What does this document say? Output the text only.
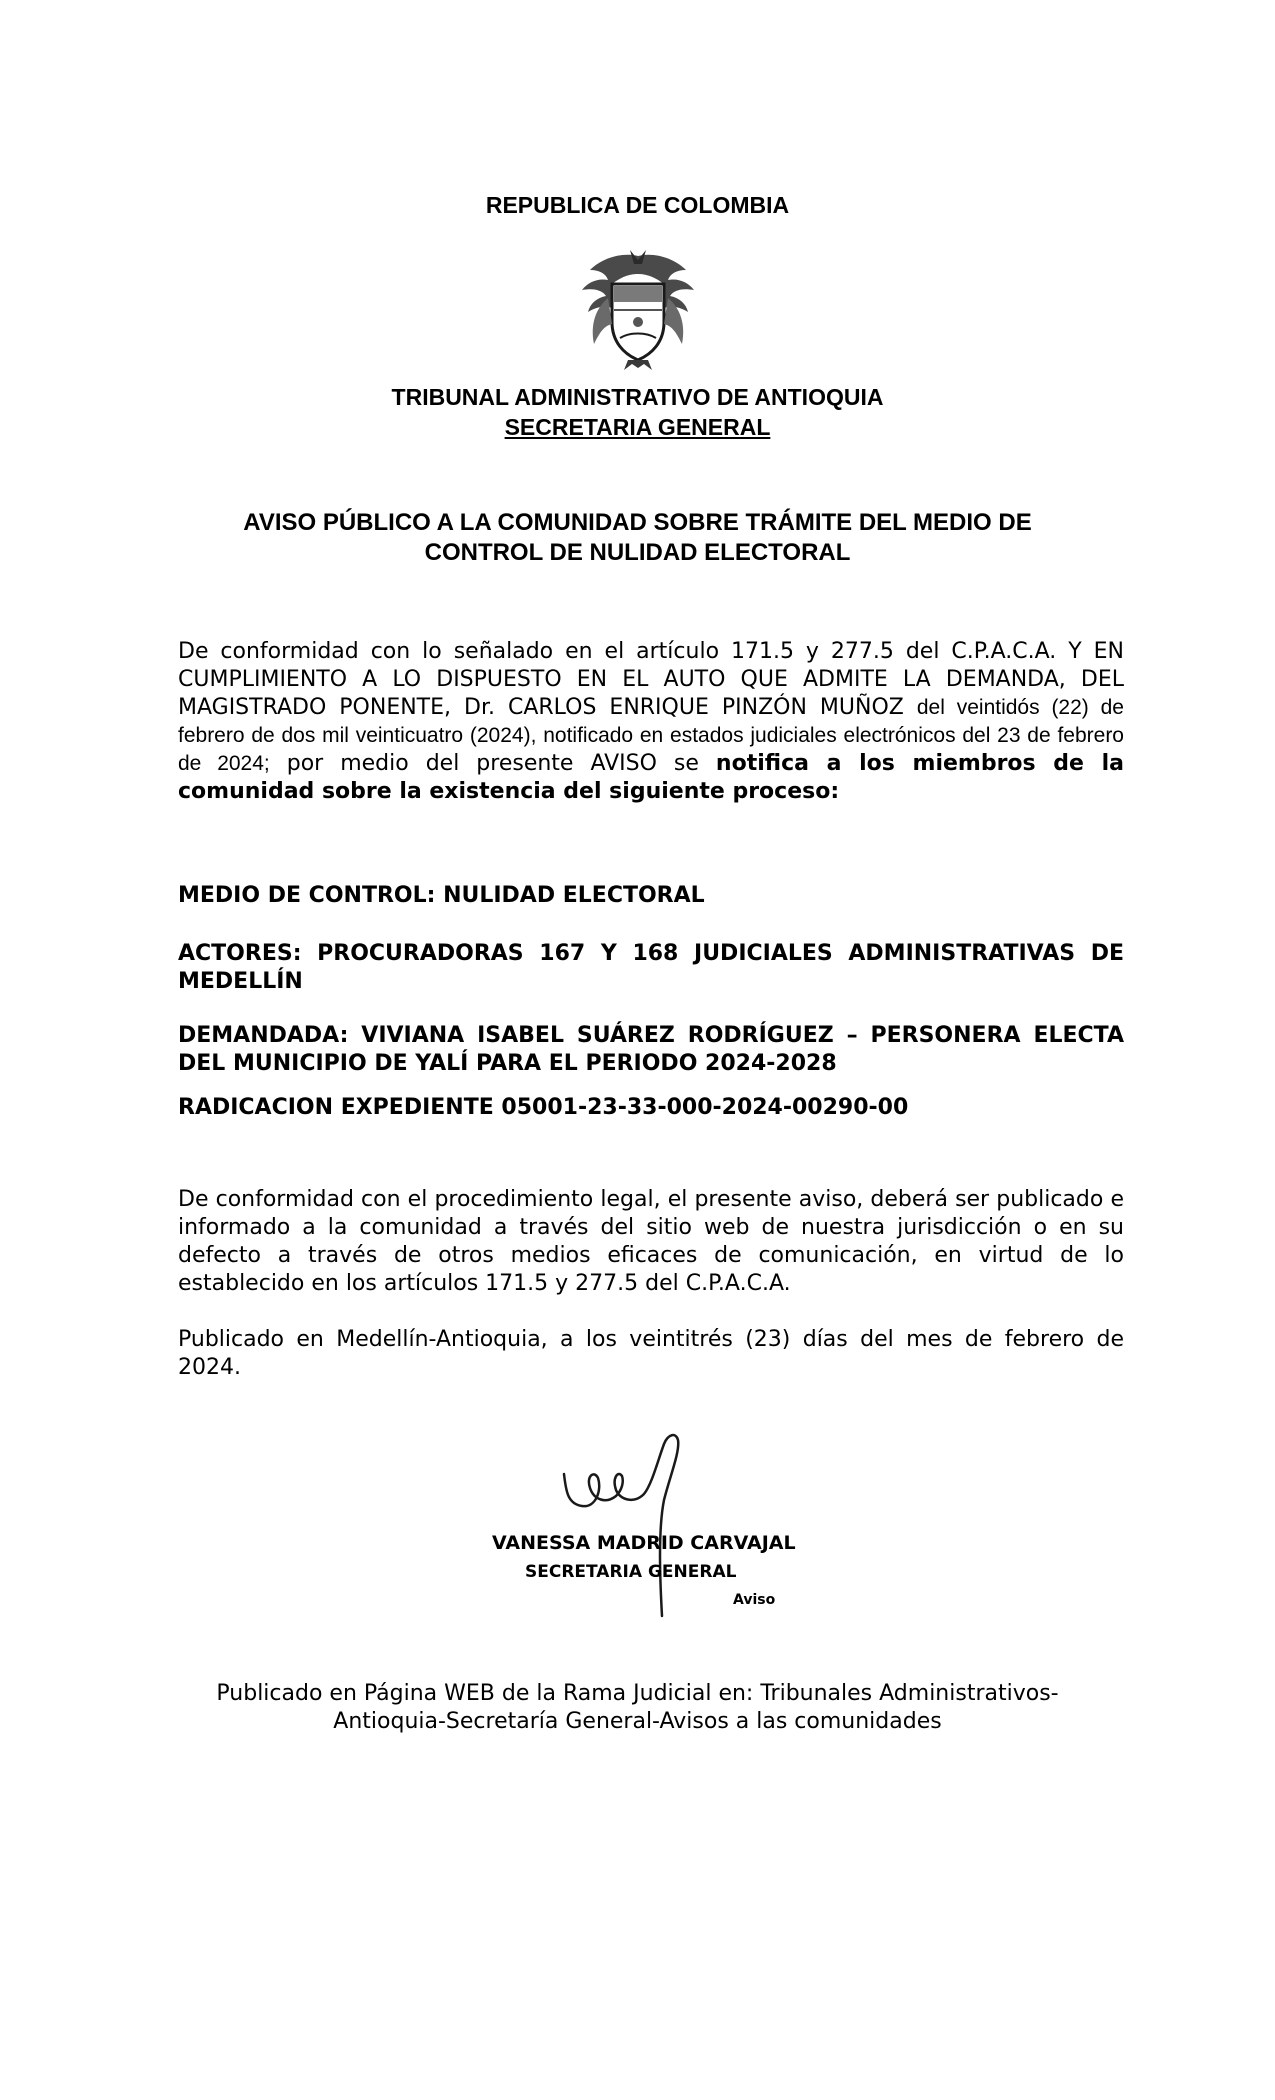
REPUBLICA DE COLOMBIA
TRIBUNAL ADMINISTRATIVO DE ANTIOQUIA
SECRETARIA GENERAL
AVISO PÚBLICO A LA COMUNIDAD SOBRE TRÁMITE DEL MEDIO DE CONTROL DE NULIDAD ELECTORAL
De conformidad con lo señalado en el artículo 171.5 y 277.5 del C.P.A.C.A. Y EN CUMPLIMIENTO A LO DISPUESTO EN EL AUTO QUE ADMITE LA DEMANDA, DEL MAGISTRADO PONENTE, Dr. CARLOS ENRIQUE PINZÓN MUÑOZ del veintidós (22) de febrero de dos mil veinticuatro (2024), notificado en estados judiciales electrónicos del 23 de febrero de 2024; por medio del presente AVISO se notifica a los miembros de la comunidad sobre la existencia del siguiente proceso:
MEDIO DE CONTROL: NULIDAD ELECTORAL
ACTORES: PROCURADORAS 167 Y 168 JUDICIALES ADMINISTRATIVAS DE MEDELLÍN
DEMANDADA: VIVIANA ISABEL SUÁREZ RODRÍGUEZ – PERSONERA ELECTA DEL MUNICIPIO DE YALÍ PARA EL PERIODO 2024-2028
RADICACION EXPEDIENTE 05001-23-33-000-2024-00290-00
De conformidad con el procedimiento legal, el presente aviso, deberá ser publicado e informado a la comunidad a través del sitio web de nuestra jurisdicción o en su defecto a través de otros medios eficaces de comunicación, en virtud de lo establecido en los artículos 171.5 y 277.5 del C.P.A.C.A.
Publicado en Medellín-Antioquia, a los veintitrés (23) días del mes de febrero de 2024.
VANESSA MADRID CARVAJAL
SECRETARIA GENERAL
Aviso
Publicado en Página WEB de la Rama Judicial en: Tribunales Administrativos-Antioquia-Secretaría General-Avisos a las comunidades
